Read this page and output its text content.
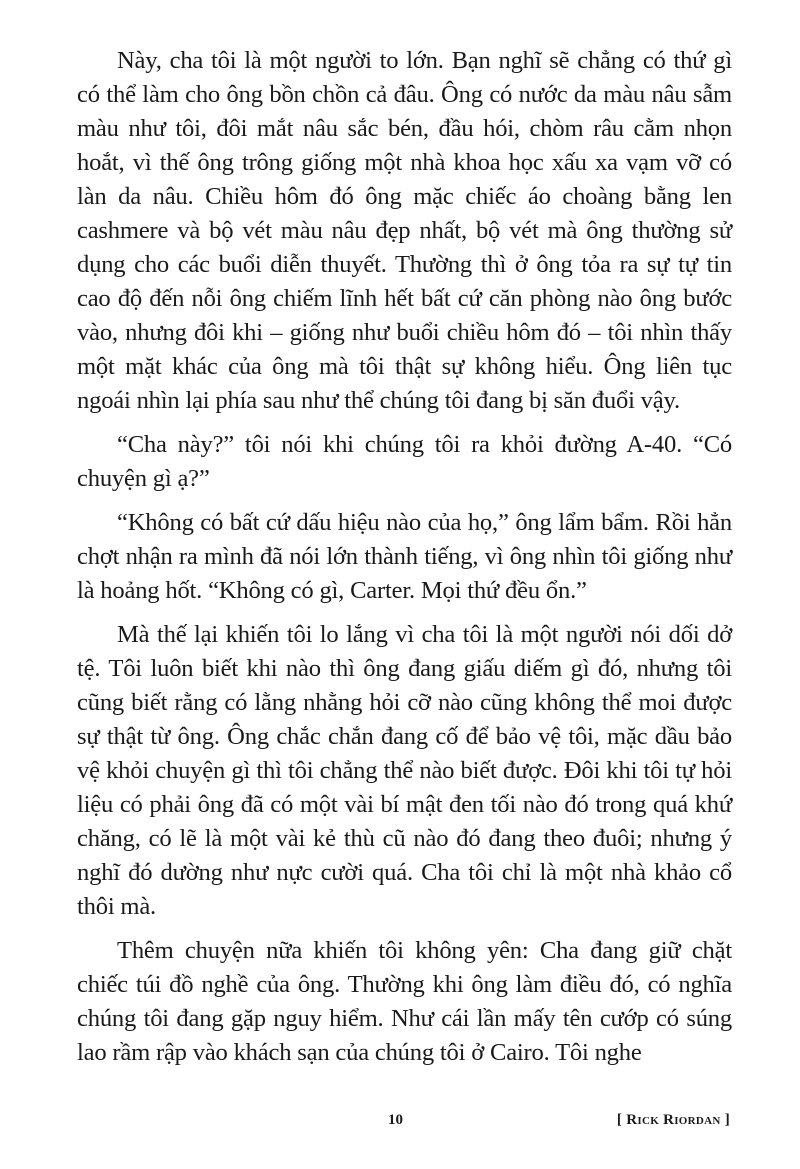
Này, cha tôi là một người to lớn. Bạn nghĩ sẽ chẳng có thứ gì có thể làm cho ông bồn chồn cả đâu. Ông có nước da màu nâu sẫm màu như tôi, đôi mắt nâu sắc bén, đầu hói, chòm râu cằm nhọn hoắt, vì thế ông trông giống một nhà khoa học xấu xa vạm vỡ có làn da nâu. Chiều hôm đó ông mặc chiếc áo choàng bằng len cashmere và bộ vét màu nâu đẹp nhất, bộ vét mà ông thường sử dụng cho các buổi diễn thuyết. Thường thì ở ông tỏa ra sự tự tin cao độ đến nỗi ông chiếm lĩnh hết bất cứ căn phòng nào ông bước vào, nhưng đôi khi – giống như buổi chiều hôm đó – tôi nhìn thấy một mặt khác của ông mà tôi thật sự không hiểu. Ông liên tục ngoái nhìn lại phía sau như thể chúng tôi đang bị săn đuổi vậy.

“Cha này?” tôi nói khi chúng tôi ra khỏi đường A-40. “Có chuyện gì ạ?”

“Không có bất cứ dấu hiệu nào của họ,” ông lẩm bẩm. Rồi hẳn chợt nhận ra mình đã nói lớn thành tiếng, vì ông nhìn tôi giống như là hoảng hốt. “Không có gì, Carter. Mọi thứ đều ổn.”

Mà thế lại khiến tôi lo lắng vì cha tôi là một người nói dối dở tệ. Tôi luôn biết khi nào thì ông đang giấu diếm gì đó, nhưng tôi cũng biết rằng có lằng nhằng hỏi cỡ nào cũng không thể moi được sự thật từ ông. Ông chắc chắn đang cố để bảo vệ tôi, mặc dầu bảo vệ khỏi chuyện gì thì tôi chẳng thể nào biết được. Đôi khi tôi tự hỏi liệu có phải ông đã có một vài bí mật đen tối nào đó trong quá khứ chăng, có lẽ là một vài kẻ thù cũ nào đó đang theo đuôi; nhưng ý nghĩ đó dường như nực cười quá. Cha tôi chỉ là một nhà khảo cổ thôi mà.

Thêm chuyện nữa khiến tôi không yên: Cha đang giữ chặt chiếc túi đồ nghề của ông. Thường khi ông làm điều đó, có nghĩa chúng tôi đang gặp nguy hiểm. Như cái lần mấy tên cướp có súng lao rầm rập vào khách sạn của chúng tôi ở Cairo. Tôi nghe

10	[ Rick Riordan ]
